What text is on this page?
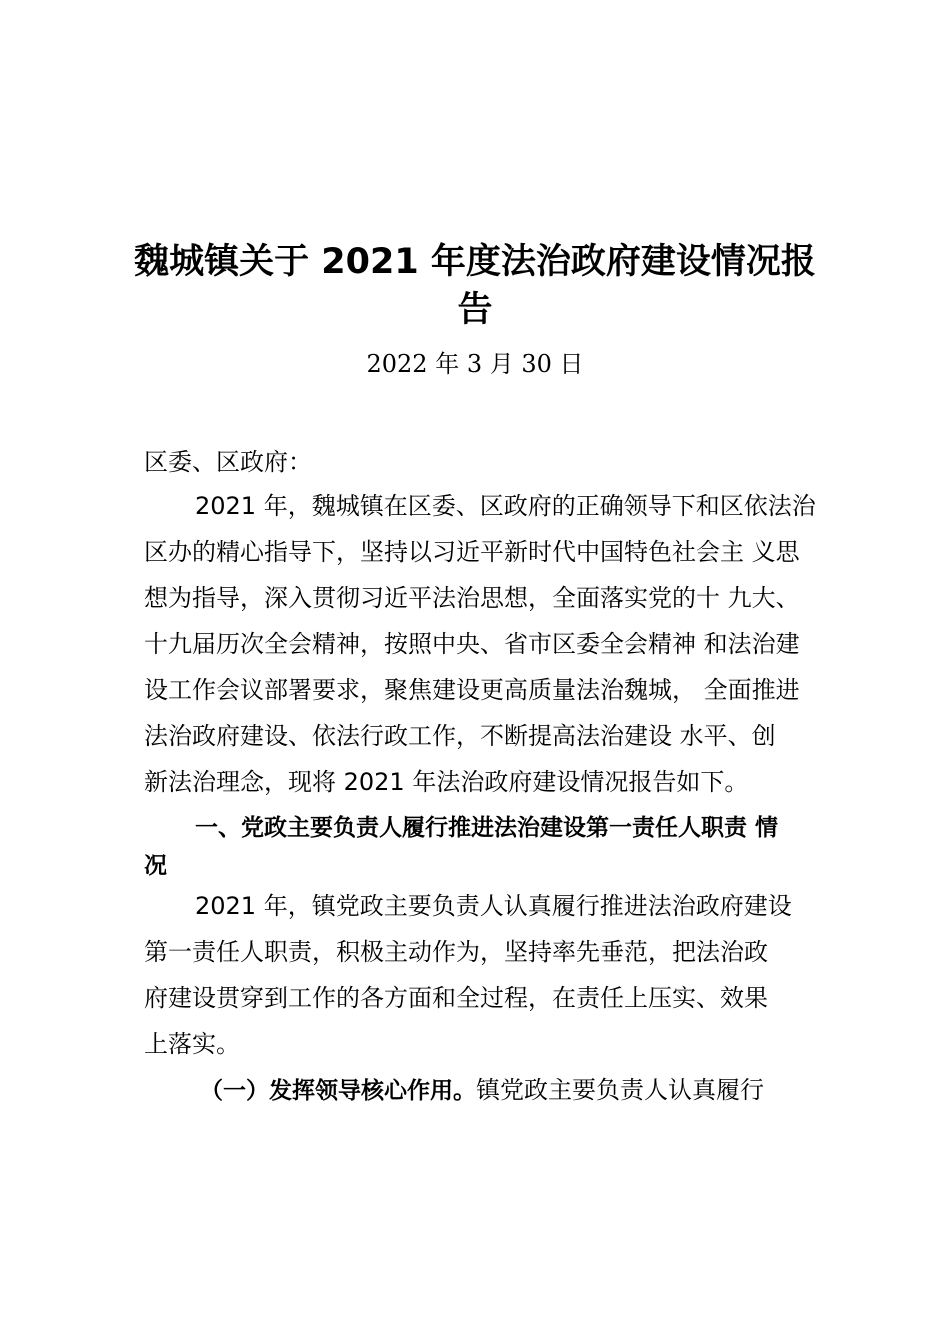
魏城镇关于 2021 年度法治政府建设情况报
告
2022 年 3 月 30 日
区委、区政府：
2021 年，魏城镇在区委、区政府的正确领导下和区依法治
区办的精心指导下，坚持以习近平新时代中国特色社会主 义思
想为指导，深入贯彻习近平法治思想，全面落实党的十 九大、
十九届历次全会精神，按照中央、省市区委全会精神 和法治建
设工作会议部署要求，聚焦建设更高质量法治魏城， 全面推进
法治政府建设、依法行政工作，不断提高法治建设 水平、创
新法治理念，现将 2021 年法治政府建设情况报告如下。
一、党政主要负责人履行推进法治建设第一责任人职责 情
况
2021 年，镇党政主要负责人认真履行推进法治政府建设
第一责任人职责，积极主动作为，坚持率先垂范，把法治政
府建设贯穿到工作的各方面和全过程，在责任上压实、效果
上落实。
（一）发挥领导核心作用。镇党政主要负责人认真履行
